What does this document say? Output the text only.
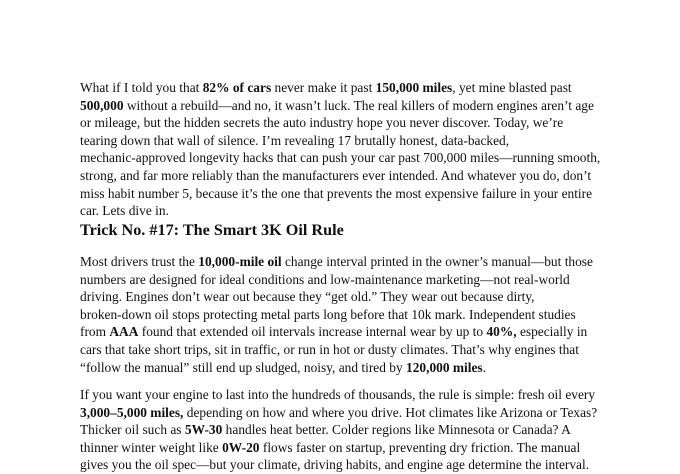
What if I told you that 82% of cars never make it past 150,000 miles, yet mine blasted past
500,000 without a rebuild—and no, it wasn’t luck. The real killers of modern engines aren’t age
or mileage, but the hidden secrets the auto industry hope you never discover. Today, we’re
tearing down that wall of silence. I’m revealing 17 brutally honest, data-backed,
mechanic-approved longevity hacks that can push your car past 700,000 miles—running smooth,
strong, and far more reliably than the manufacturers ever intended. And whatever you do, don’t
miss habit number 5, because it’s the one that prevents the most expensive failure in your entire
car. Lets dive in.

Trick No. #17: The Smart 3K Oil Rule

Most drivers trust the 10,000-mile oil change interval printed in the owner’s manual—but those
numbers are designed for ideal conditions and low-maintenance marketing—not real-world
driving. Engines don’t wear out because they “get old.” They wear out because dirty,
broken-down oil stops protecting metal parts long before that 10k mark. Independent studies
from AAA found that extended oil intervals increase internal wear by up to 40%, especially in
cars that take short trips, sit in traffic, or run in hot or dusty climates. That’s why engines that
“follow the manual” still end up sludged, noisy, and tired by 120,000 miles.

If you want your engine to last into the hundreds of thousands, the rule is simple: fresh oil every
3,000–5,000 miles, depending on how and where you drive. Hot climates like Arizona or Texas?
Thicker oil such as 5W-30 handles heat better. Colder regions like Minnesota or Canada? A
thinner winter weight like 0W-20 flows faster on startup, preventing dry friction. The manual
gives you the oil spec—but your climate, driving habits, and engine age determine the interval.
